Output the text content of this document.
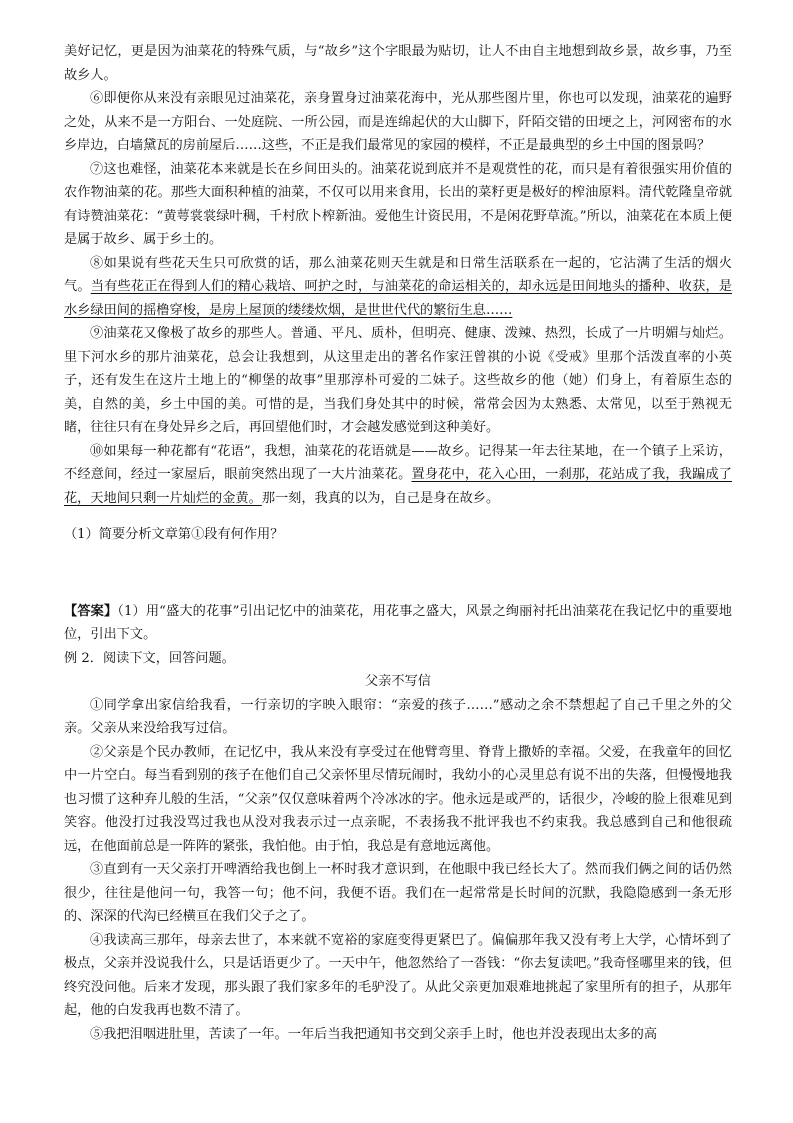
美好记忆，更是因为油菜花的特殊气质，与“故乡”这个字眼最为贴切，让人不由自主地想到故乡景，故乡事，乃至故乡人。

⑥即便你从来没有亲眼见过油菜花，亲身置身过油菜花海中，光从那些图片里，你也可以发现，油菜花的遍野之处，从来不是一方阳台、一处庭院、一所公园，而是连绵起伏的大山脚下，阡陌交错的田埂之上，河网密布的水乡岸边，白墙黛瓦的房前屋后……这些，不正是我们最常见的家园的模样，不正是最典型的乡土中国的图景吗？

⑦这也难怪，油菜花本来就是长在乡间田头的。油菜花说到底并不是观赏性的花，而只是有着很强实用价值的农作物油菜的花。那些大面积种植的油菜，不仅可以用来食用，长出的菜籽更是极好的榨油原料。清代乾隆皇帝就有诗赞油菜花：“黄萼裳裳绿叶稠，千村欣卜榨新油。爱他生计资民用，不是闲花野草流。”所以，油菜花在本质上便是属于故乡、属于乡土的。

⑧如果说有些花天生只可欣赏的话，那么油菜花则天生就是和日常生活联系在一起的，它沾满了生活的烟火气。当有些花正在得到人们的精心栽培、呵护之时，与油菜花的命运相关的，却永远是田间地头的播种、收获，是水乡绿田间的摇橹穿梭，是房上屋顶的缕缕炊烟，是世世代代的繁衍生息……

⑨油菜花又像极了故乡的那些人。普通、平凡、质朴，但明亮、健康、泼辣、热烈，长成了一片明媚与灿烂。里下河水乡的那片油菜花，总会让我想到，从这里走出的著名作家汪曾祺的小说《受戒》里那个活泼直率的小英子，还有发生在这片土地上的“柳堡的故事”里那淳朴可爱的二妹子。这些故乡的他（她）们身上，有着原生态的美，自然的美，乡土中国的美。可惜的是，当我们身处其中的时候，常常会因为太熟悉、太常见，以至于熟视无睹，往往只有在身处异乡之后，再回望他们时，才会越发感觉到这种美好。

⑩如果每一种花都有“花语”，我想，油菜花的花语就是——故乡。记得某一年去往某地，在一个镇子上采访，不经意间，经过一家屋后，眼前突然出现了一大片油菜花。置身花中，花入心田，一刹那，花站成了我，我蹁成了花，天地间只剩一片灿烂的金黄。那一刻，我真的以为，自己是身在故乡。

（1）简要分析文章第①段有何作用？

【答案】（1）用“盛大的花事”引出记忆中的油菜花，用花事之盛大，风景之绚丽衬托出油菜花在我记忆中的重要地位，引出下文。

例 2．阅读下文，回答问题。

父亲不写信

①同学拿出家信给我看，一行亲切的字映入眼帘：“亲爱的孩子……”感动之余不禁想起了自己千里之外的父亲。父亲从来没给我写过信。

②父亲是个民办教师，在记忆中，我从来没有享受过在他臂弯里、脊背上撒娇的幸福。父爱，在我童年的回忆中一片空白。每当看到别的孩子在他们自己父亲怀里尽情玩闹时，我幼小的心灵里总有说不出的失落，但慢慢地我也习惯了这种弃儿般的生活，“父亲”仅仅意味着两个冷冰冰的字。他永远是或严的，话很少，冷峻的脸上很难见到笑容。他没打过我没骂过我也从没对我表示过一点亲昵，不表扬我不批评我也不约束我。我总感到自己和他很疏远，在他面前总是一阵阵的紧张，我怕他。由于怕，我总是有意地远离他。

③直到有一天父亲打开啤酒给我也倒上一杯时我才意识到，在他眼中我已经长大了。然而我们俩之间的话仍然很少，往往是他问一句，我答一句；他不问，我便不语。我们在一起常常是长时间的沉默，我隐隐感到一条无形的、深深的代沟已经横亘在我们父子之了。

④我读高三那年，母亲去世了，本来就不宽裕的家庭变得更紧巴了。偏偏那年我又没有考上大学，心情坏到了极点，父亲并没说我什么，只是话语更少了。一天中午，他忽然给了一沓钱：“你去复读吧。”我奇怪哪里来的钱，但终究没问他。后来才发现，那头跟了我们家多年的毛驴没了。从此父亲更加艰难地挑起了家里所有的担子，从那年起，他的白发我再也数不清了。

⑤我把泪咽进肚里，苦读了一年。一年后当我把通知书交到父亲手上时，他也并没表现出太多的高
